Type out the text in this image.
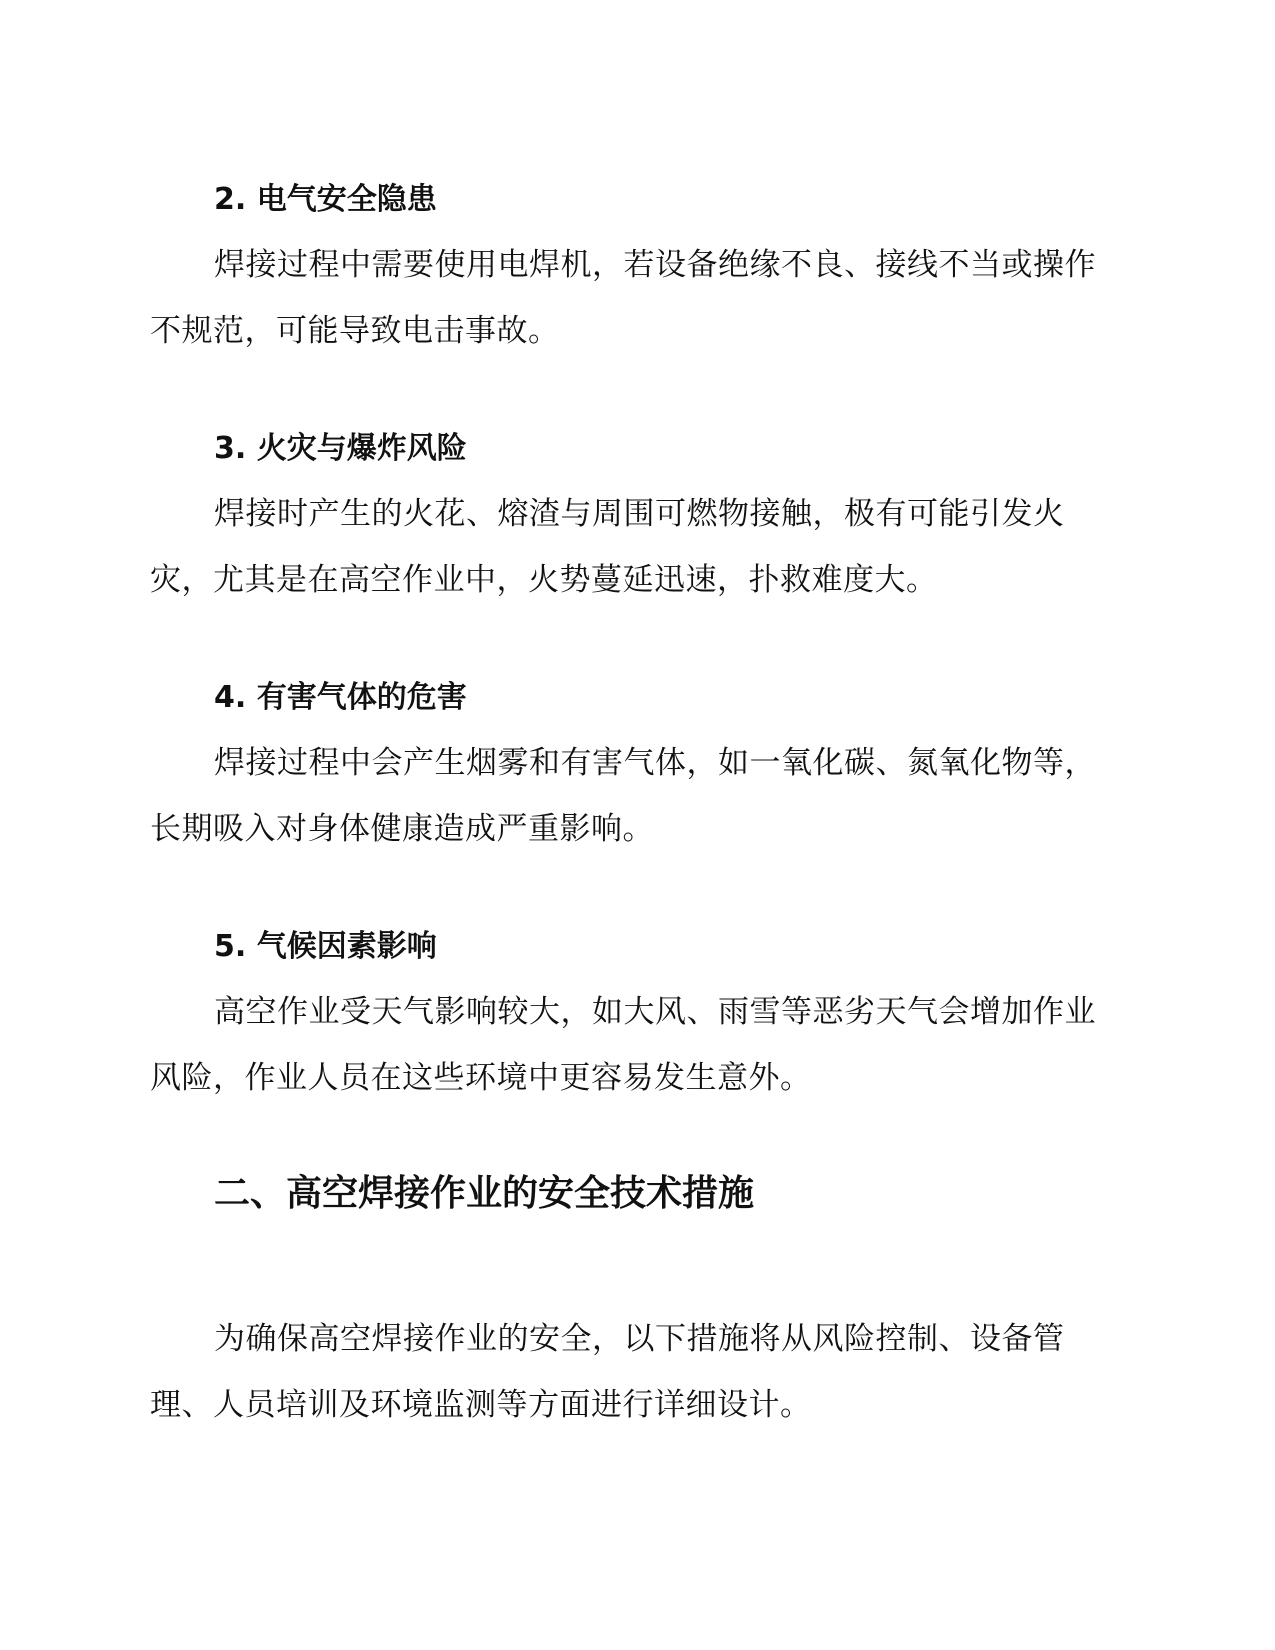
2. 电气安全隐患

焊接过程中需要使用电焊机，若设备绝缘不良、接线不当或操作不规范，可能导致电击事故。

3. 火灾与爆炸风险

焊接时产生的火花、熔渣与周围可燃物接触，极有可能引发火灾，尤其是在高空作业中，火势蔓延迅速，扑救难度大。

4. 有害气体的危害

焊接过程中会产生烟雾和有害气体，如一氧化碳、氮氧化物等，长期吸入对身体健康造成严重影响。

5. 气候因素影响

高空作业受天气影响较大，如大风、雨雪等恶劣天气会增加作业风险，作业人员在这些环境中更容易发生意外。

二、高空焊接作业的安全技术措施

为确保高空焊接作业的安全，以下措施将从风险控制、设备管理、人员培训及环境监测等方面进行详细设计。
